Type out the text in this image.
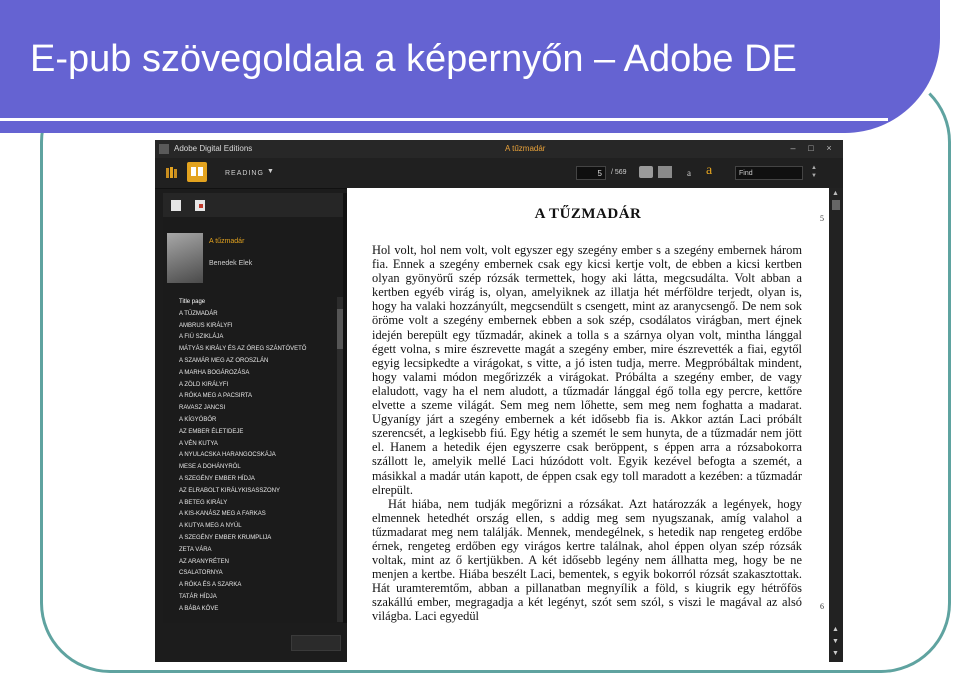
E-pub szövegoldala a képernyőn – Adobe DE
Adobe Digital Editions	A tűzmadár	–	□	×
READING ▼	5	/ 569	a a	Find
▲
▼
A tűzmadár
Benedek Elek
Title page
A TŰZMADÁR
AMBRUS KIRÁLYFI
A FIÚ SZIKLÁJA
MÁTYÁS KIRÁLY ÉS AZ ÖREG SZÁNTÓVETŐ
A SZAMÁR MEG AZ OROSZLÁN
A MARHA BOGÁROZÁSA
A ZÖLD KIRÁLYFI
A RÓKA MEG A PACSIRTA
RAVASZ JANCSI
A KÍGYÓBŐR
AZ EMBER ÉLETIDEJE
A VÉN KUTYA
A NYULACSKA HARANGOCSKÁJA
MESE A DOHÁNYRÓL
A SZEGÉNY EMBER HÍDJA
AZ ELRABOLT KIRÁLYKISASSZONY
A BETEG KIRÁLY
A KIS-KANÁSZ MEG A FARKAS
A KUTYA MEG A NYÚL
A SZEGÉNY EMBER KRUMPLIJA
ZETA VÁRA
AZ ARANYRÉTEN
CSALATORNYA
A RÓKA ÉS A SZARKA
TATÁR HÍDJA
A BÁBA KÖVE
A TŰZMADÁR	5
6

Hol volt, hol nem volt, volt egyszer egy szegény ember s a szegény embernek három fia. Ennek a szegény embernek csak egy kicsi kertje volt, de ebben a kicsi kertben olyan gyönyörű szép rózsák termettek, hogy aki látta, megcsudálta. Volt abban a kertben egyéb virág is, olyan, amelyiknek az illatja hét mérföldre terjedt, olyan is, hogy ha valaki hozzányúlt, megcsendült s csengett, mint az aranycsengő. De nem sok öröme volt a szegény embernek ebben a sok szép, csodálatos virágban, mert éjnek idején berepült egy tűzmadár, akinek a tolla s a szárnya olyan volt, mintha lánggal égett volna, s mire észrevette magát a szegény ember, mire észrevették a fiai, egytől egyig lecsipkedte a virágokat, s vitte, a jó isten tudja, merre. Megpróbáltak mindent, hogy valami módon megőrizzék a virágokat. Próbálta a szegény ember, de vagy elaludott, vagy ha el nem aludott, a tűzmadár lánggal égő tolla egy percre, kettőre elvette a szeme világát. Sem meg nem lőhette, sem meg nem foghatta a madarat. Ugyanígy járt a szegény embernek a két idősebb fia is. Akkor aztán Laci próbált szerencsét, a legkisebb fiú. Egy hétig a szemét le sem hunyta, de a tűzmadár nem jött el. Hanem a hetedik éjen egyszerre csak beröppent, s éppen arra a rózsabokorra szállott le, amelyik mellé Laci húzódott volt. Egyik kezével befogta a szemét, a másikkal a madár után kapott, de éppen csak egy toll maradott a kezében: a tűzmadár elrepült.

Hát hiába, nem tudják megőrizni a rózsákat. Azt határozzák a legények, hogy elmennek hetedhét ország ellen, s addig meg sem nyugszanak, amíg valahol a tűzmadarat meg nem találják. Mennek, mendegélnek, s hetedik nap rengeteg erdőbe érnek, rengeteg erdőben egy virágos kertre találnak, ahol éppen olyan szép rózsák voltak, mint az ő kertjükben. A két idősebb legény nem állhatta meg, hogy be ne menjen a kertbe. Hiába beszélt Laci, bementek, s egyik bokorról rózsát szakasztottak. Hát uramteremtőm, abban a pillanatban megnyílik a föld, s kiugrik egy hétrőfös szakállú ember, megragadja a két legényt, szót sem szól, s viszi le magával az alsó világba. Laci egyedül

▲
▲
▼
▼
